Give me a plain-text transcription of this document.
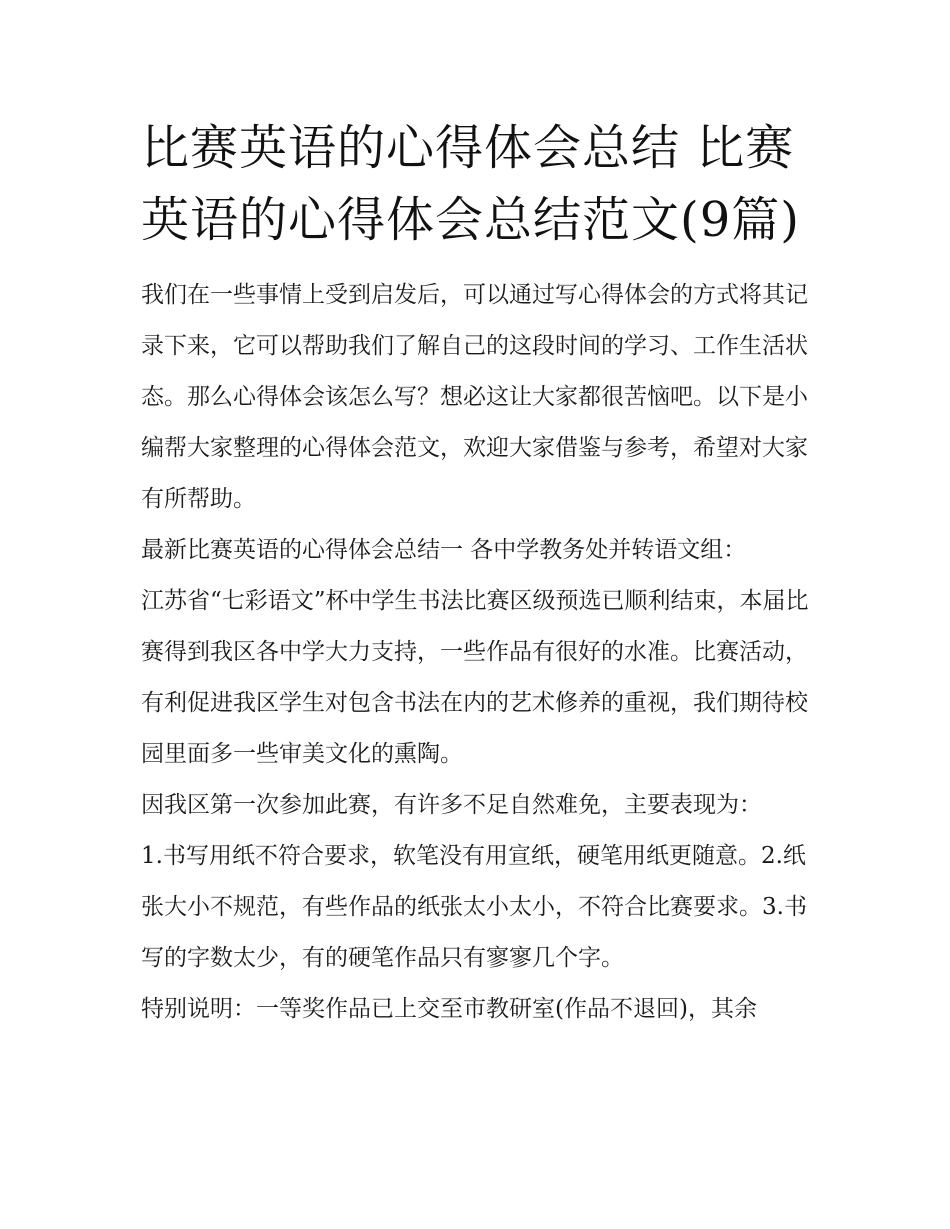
比赛英语的心得体会总结 比赛英语的心得体会总结范文(9篇)

我们在一些事情上受到启发后，可以通过写心得体会的方式将其记录下来，它可以帮助我们了解自己的这段时间的学习、工作生活状态。那么心得体会该怎么写？想必这让大家都很苦恼吧。以下是小编帮大家整理的心得体会范文，欢迎大家借鉴与参考，希望对大家有所帮助。

最新比赛英语的心得体会总结一 各中学教务处并转语文组：

江苏省“七彩语文”杯中学生书法比赛区级预选已顺利结束，本届比赛得到我区各中学大力支持，一些作品有很好的水准。比赛活动，有利促进我区学生对包含书法在内的艺术修养的重视，我们期待校园里面多一些审美文化的熏陶。

因我区第一次参加此赛，有许多不足自然难免，主要表现为：

1.书写用纸不符合要求，软笔没有用宣纸，硬笔用纸更随意。2.纸张大小不规范，有些作品的纸张太小太小，不符合比赛要求。3.书写的字数太少，有的硬笔作品只有寥寥几个字。

特别说明：一等奖作品已上交至市教研室(作品不退回)，其余
